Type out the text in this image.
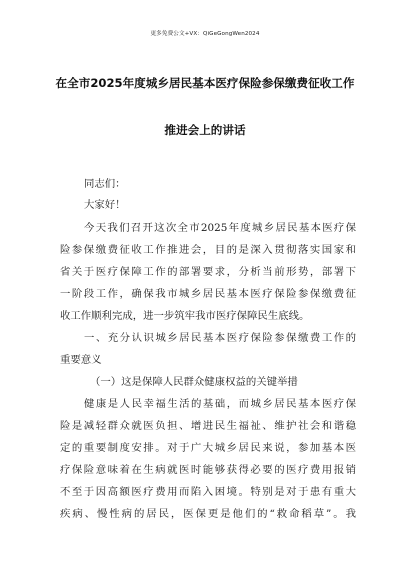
更多免费公文+VX：QiGeGongWen2024
在全市2025年度城乡居民基本医疗保险参保缴费征收工作
推进会上的讲话
同志们：
大家好！
今天我们召开这次全市2025年度城乡居民基本医疗保
险参保缴费征收工作推进会，目的是深入贯彻落实国家和
省关于医疗保障工作的部署要求，分析当前形势，部署下
一阶段工作，确保我市城乡居民基本医疗保险参保缴费征
收工作顺利完成，进一步筑牢我市医疗保障民生底线。
一、充分认识城乡居民基本医疗保险参保缴费工作的
重要意义
（一）这是保障人民群众健康权益的关键举措
健康是人民幸福生活的基础，而城乡居民基本医疗保
险是减轻群众就医负担、增进民生福祉、维护社会和谐稳
定的重要制度安排。对于广大城乡居民来说，参加基本医
疗保险意味着在生病就医时能够获得必要的医疗费用报销
不至于因高额医疗费用而陷入困境。特别是对于患有重大
疾病、慢性病的居民，医保更是他们的“救命稻草”。我
